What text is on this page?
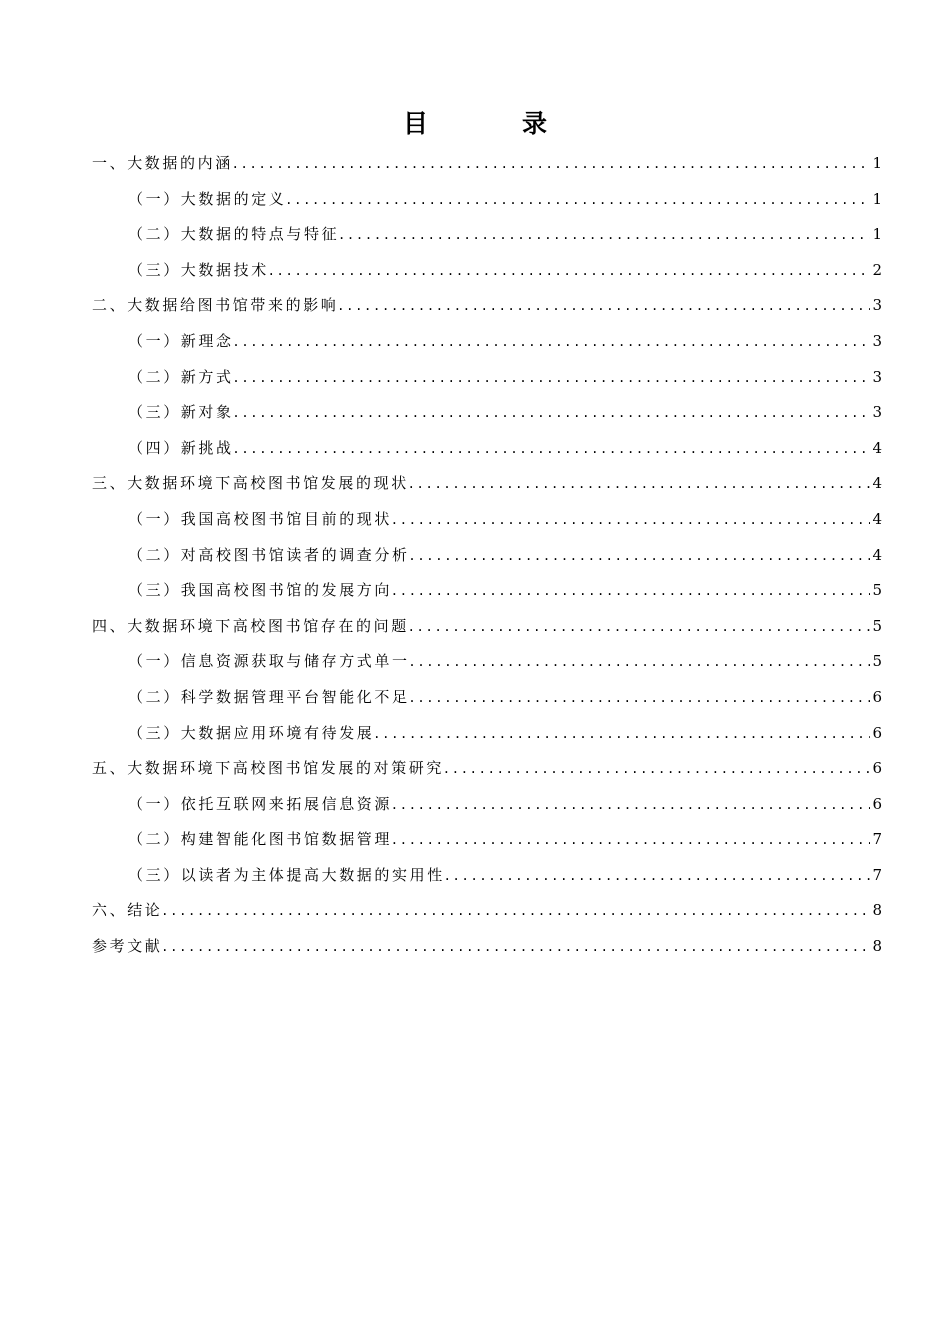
目	录
一、大数据的内涵 .....	1
（一）大数据的定义 .....	1
（二）大数据的特点与特征 .....	1
（三）大数据技术 .....	2
二、大数据给图书馆带来的影响 .....	3
（一）新理念 .....	3
（二）新方式 .....	3
（三）新对象 .....	3
（四）新挑战 .....	4
三、大数据环境下高校图书馆发展的现状 .....	4
（一）我国高校图书馆目前的现状 .....	4
（二）对高校图书馆读者的调查分析 .....	4
（三）我国高校图书馆的发展方向 .....	5
四、大数据环境下高校图书馆存在的问题 .....	5
（一）信息资源获取与储存方式单一 .....	5
（二）科学数据管理平台智能化不足 .....	6
（三）大数据应用环境有待发展 .....	6
五、大数据环境下高校图书馆发展的对策研究 .....	6
（一）依托互联网来拓展信息资源 .....	6
（二）构建智能化图书馆数据管理 .....	7
（三）以读者为主体提高大数据的实用性 .....	7
六、结论 .....	8
参考文献 .....	8
